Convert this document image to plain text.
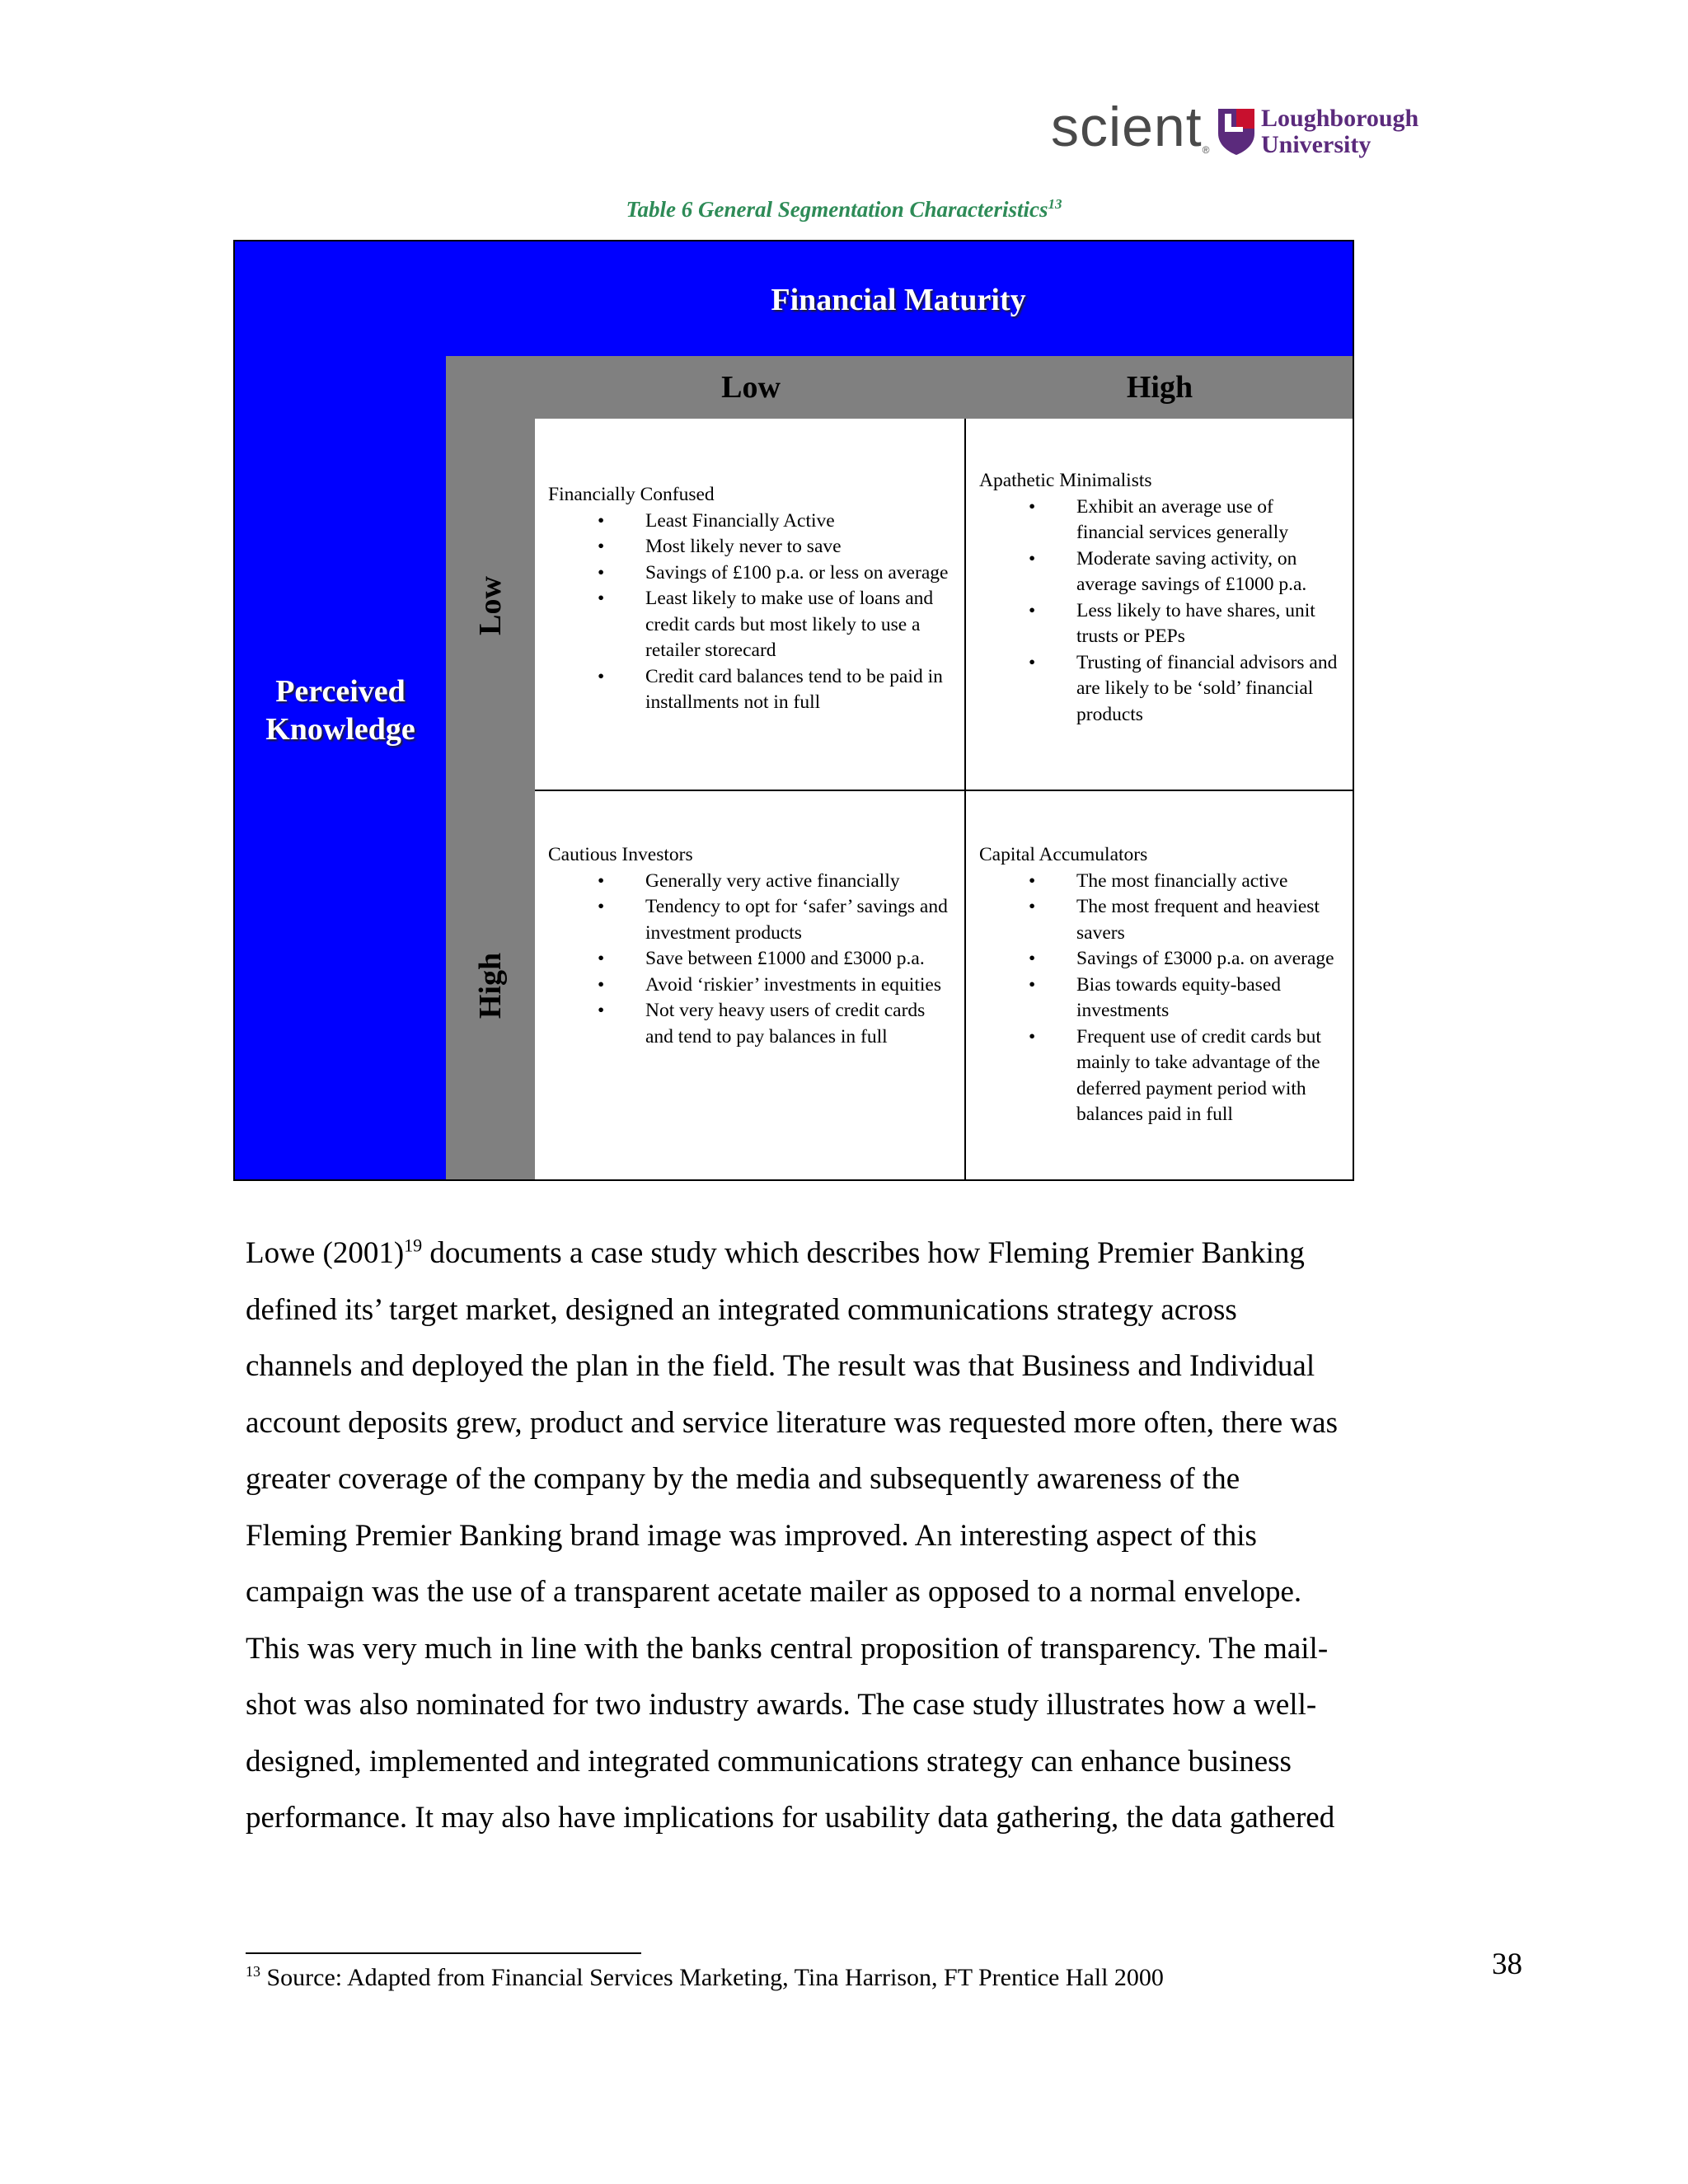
scient®
Loughborough
University
Table 6 General Segmentation Characteristics$^{13}$
Financial Maturity
Low	High
Perceived
Knowledge
Low
High

Financially Confused

• Least Financially Active
• Most likely never to save
• Savings of £100 p.a. or less on average
• Least likely to make use of loans and credit cards but most likely to use a retailer storecard
• Credit card balances tend to be paid in installments not in full

Apathetic Minimalists

• Exhibit an average use of financial services generally
• Moderate saving activity, on average savings of £1000 p.a.
• Less likely to have shares, unit trusts or PEPs
• Trusting of financial advisors and are likely to be ‘sold’ financial products

Cautious Investors

• Generally very active financially
• Tendency to opt for ‘safer’ savings and investment products
• Save between £1000 and £3000 p.a.
• Avoid ‘riskier’ investments in equities
• Not very heavy users of credit cards and tend to pay balances in full

Capital Accumulators

• The most financially active
• The most frequent and heaviest savers
• Savings of £3000 p.a. on average
• Bias towards equity-based investments
• Frequent use of credit cards but mainly to take advantage of the deferred payment period with balances paid in full
Lowe $(2001)^{19}$ documents a case study which describes how Fleming Premier Banking
defined its’ target market, designed an integrated communications strategy across
channels and deployed the plan in the field. The result was that Business and Individual
account deposits grew, product and service literature was requested more often, there was
greater coverage of the company by the media and subsequently awareness of the
Fleming Premier Banking brand image was improved. An interesting aspect of this
campaign was the use of a transparent acetate mailer as opposed to a normal envelope.
This was very much in line with the banks central proposition of transparency. The mail-
shot was also nominated for two industry awards. The case study illustrates how a well-
designed, implemented and integrated communications strategy can enhance business
performance. It may also have implications for usability data gathering, the data gathered
$^{13}$ Source: Adapted from Financial Services Marketing, Tina Harrison, FT Prentice Hall 2000	38
